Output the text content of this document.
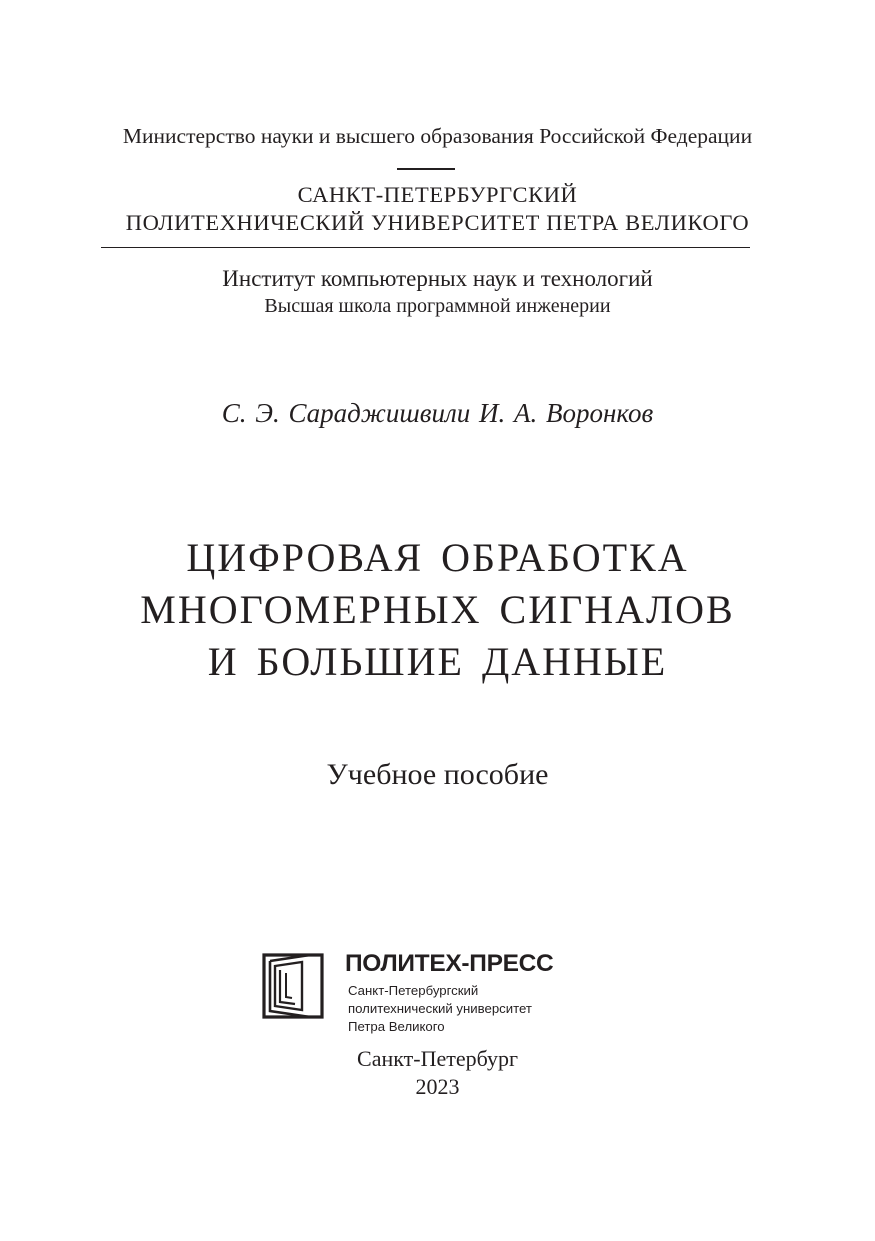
Министерство науки и высшего образования Российской Федерации
САНКТ-ПЕТЕРБУРГСКИЙ
ПОЛИТЕХНИЧЕСКИЙ УНИВЕРСИТЕТ ПЕТРА ВЕЛИКОГО
Институт компьютерных наук и технологий
Высшая школа программной инженерии
С. Э. Сараджишвили И. А. Воронков
ЦИФРОВАЯ ОБРАБОТКА
МНОГОМЕРНЫХ СИГНАЛОВ
И БОЛЬШИЕ ДАННЫЕ
Учебное пособие
ПОЛИТЕХ-ПРЕСС
Санкт-Петербургский
политехнический университет
Петра Великого
Санкт-Петербург
2023
